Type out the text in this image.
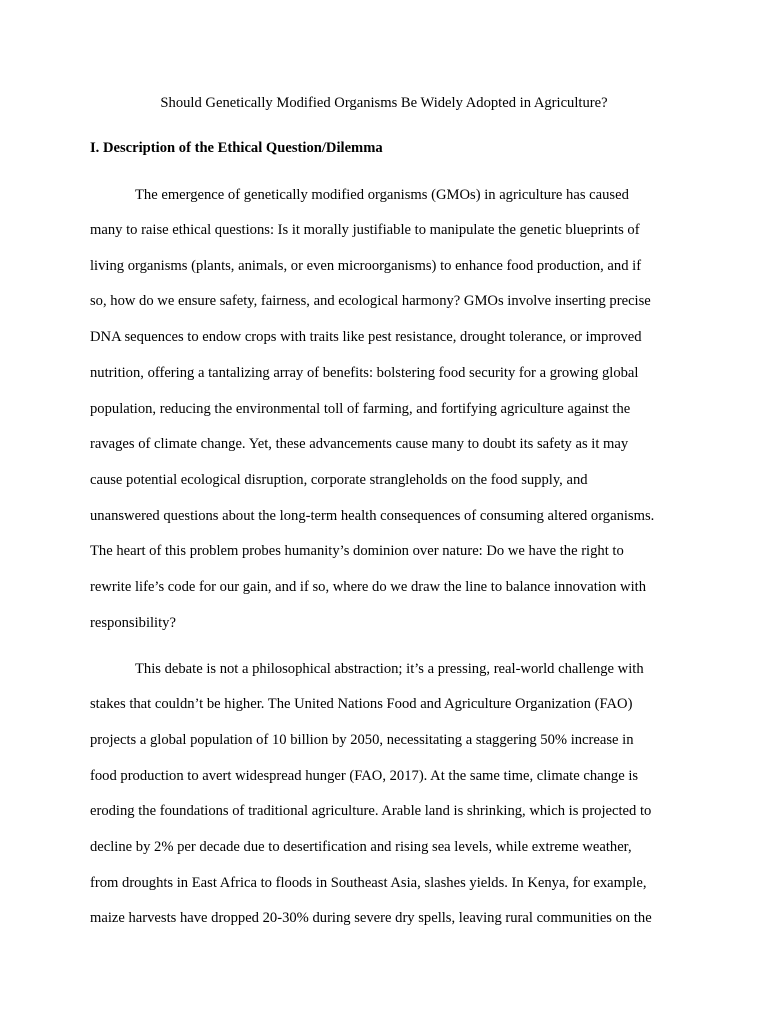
Should Genetically Modified Organisms Be Widely Adopted in Agriculture?
I. Description of the Ethical Question/Dilemma

The emergence of genetically modified organisms (GMOs) in agriculture has caused

many to raise ethical questions: Is it morally justifiable to manipulate the genetic blueprints of

living organisms (plants, animals, or even microorganisms) to enhance food production, and if

so, how do we ensure safety, fairness, and ecological harmony? GMOs involve inserting precise

DNA sequences to endow crops with traits like pest resistance, drought tolerance, or improved

nutrition, offering a tantalizing array of benefits: bolstering food security for a growing global

population, reducing the environmental toll of farming, and fortifying agriculture against the

ravages of climate change. Yet, these advancements cause many to doubt its safety as it may

cause potential ecological disruption, corporate strangleholds on the food supply, and

unanswered questions about the long-term health consequences of consuming altered organisms.

The heart of this problem probes humanity’s dominion over nature: Do we have the right to

rewrite life’s code for our gain, and if so, where do we draw the line to balance innovation with

responsibility?

This debate is not a philosophical abstraction; it’s a pressing, real-world challenge with

stakes that couldn’t be higher. The United Nations Food and Agriculture Organization (FAO)

projects a global population of 10 billion by 2050, necessitating a staggering 50% increase in

food production to avert widespread hunger (FAO, 2017). At the same time, climate change is

eroding the foundations of traditional agriculture. Arable land is shrinking, which is projected to

decline by 2% per decade due to desertification and rising sea levels, while extreme weather,

from droughts in East Africa to floods in Southeast Asia, slashes yields. In Kenya, for example,

maize harvests have dropped 20-30% during severe dry spells, leaving rural communities on the
